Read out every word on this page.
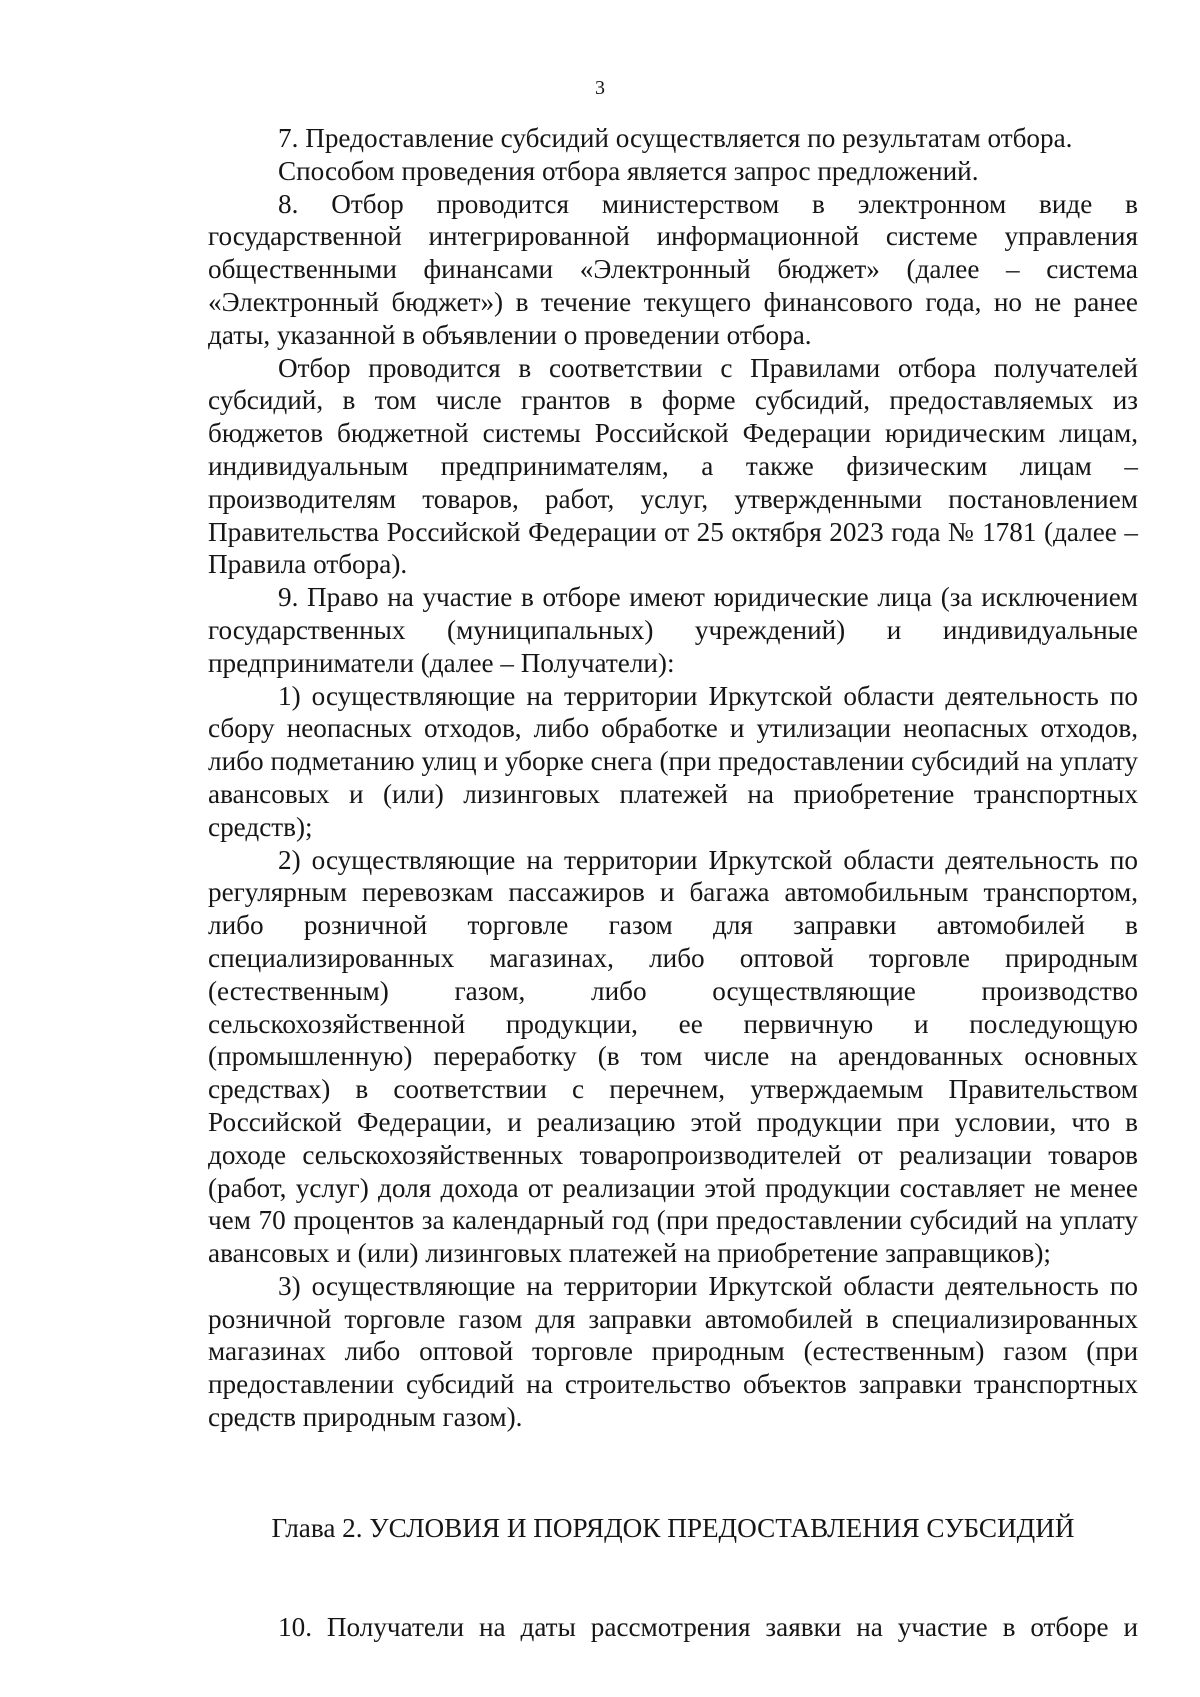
3

7. Предоставление субсидий осуществляется по результатам отбора.

Способом проведения отбора является запрос предложений.

8. Отбор проводится министерством в электронном виде в государственной интегрированной информационной системе управления общественными финансами «Электронный бюджет» (далее – система «Электронный бюджет») в течение текущего финансового года, но не ранее даты, указанной в объявлении о проведении отбора.

Отбор проводится в соответствии с Правилами отбора получателей субсидий, в том числе грантов в форме субсидий, предоставляемых из бюджетов бюджетной системы Российской Федерации юридическим лицам, индивидуальным предпринимателям, а также физическим лицам – производителям товаров, работ, услуг, утвержденными постановлением Правительства Российской Федерации от 25 октября 2023 года № 1781 (далее – Правила отбора).

9. Право на участие в отборе имеют юридические лица (за исключением государственных (муниципальных) учреждений) и индивидуальные предприниматели (далее – Получатели):

1) осуществляющие на территории Иркутской области деятельность по сбору неопасных отходов, либо обработке и утилизации неопасных отходов, либо подметанию улиц и уборке снега (при предоставлении субсидий на уплату авансовых и (или) лизинговых платежей на приобретение транспортных средств);

2) осуществляющие на территории Иркутской области деятельность по регулярным перевозкам пассажиров и багажа автомобильным транспортом, либо розничной торговле газом для заправки автомобилей в специализированных магазинах, либо оптовой торговле природным (естественным) газом, либо осуществляющие производство сельскохозяйственной продукции, ее первичную и последующую (промышленную) переработку (в том числе на арендованных основных средствах) в соответствии с перечнем, утверждаемым Правительством Российской Федерации, и реализацию этой продукции при условии, что в доходе сельскохозяйственных товаропроизводителей от реализации товаров (работ, услуг) доля дохода от реализации этой продукции составляет не менее чем 70 процентов за календарный год (при предоставлении субсидий на уплату авансовых и (или) лизинговых платежей на приобретение заправщиков);

3) осуществляющие на территории Иркутской области деятельность по розничной торговле газом для заправки автомобилей в специализированных магазинах либо оптовой торговле природным (естественным) газом (при предоставлении субсидий на строительство объектов заправки транспортных средств природным газом).

Глава 2. УСЛОВИЯ И ПОРЯДОК ПРЕДОСТАВЛЕНИЯ СУБСИДИЙ

10. Получатели на даты рассмотрения заявки на участие в отборе и
